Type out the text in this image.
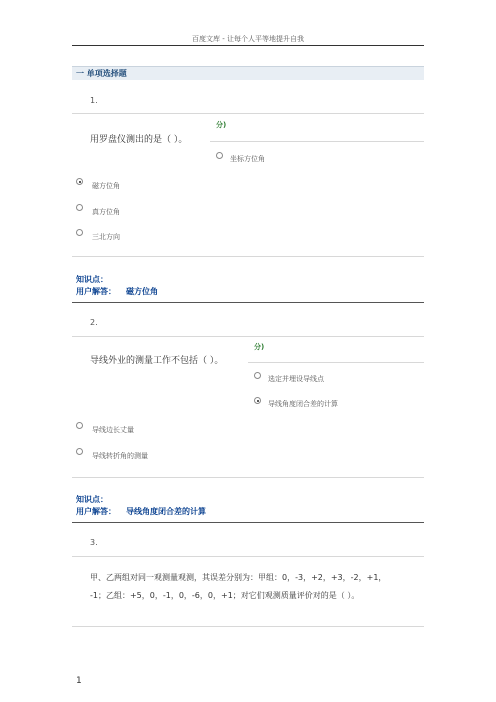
百度文库 - 让每个人平等地提升自我
一 单项选择题
1.
分)
用罗盘仪测出的是（ ）。
坐标方位角
磁方位角
真方位角
三北方向
知识点：
用户解答： 磁方位角
2.
分)
导线外业的测量工作不包括（ ）。
选定并埋设导线点
导线角度闭合差的计算
导线边长丈量
导线转折角的测量
知识点：
用户解答： 导线角度闭合差的计算
3.
甲、乙两组对同一观测量观测，其误差分别为：甲组：0，-3，+2，+3，-2，+1，
-1；乙组：+5，0，-1，0，-6，0，+1；对它们观测质量评价对的是（ ）。
1
